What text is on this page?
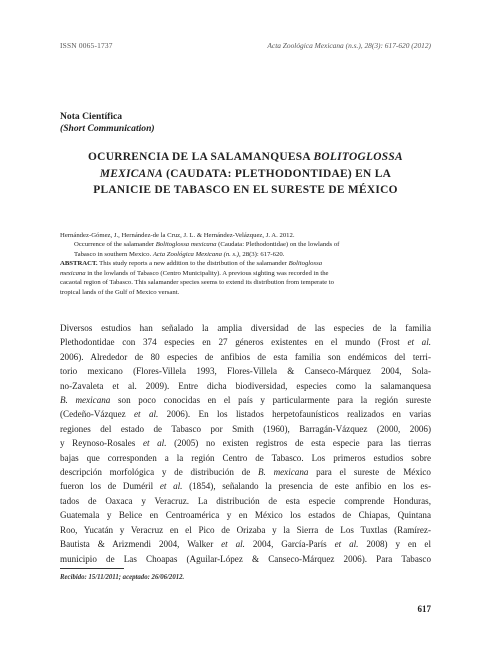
ISSN 0065-1737	Acta Zoológica Mexicana (n.s.), 28(3): 617-620 (2012)
Nota Científica
(Short Communication)
OCURRENCIA DE LA SALAMANQUESA BOLITOGLOSSA
MEXICANA (CAUDATA: PLETHODONTIDAE) EN LA
PLANICIE DE TABASCO EN EL SURESTE DE MÉXICO
Hernández-Gómez, J., Hernández-de la Cruz, J. L. & Hernández-Velázquez, J. A. 2012.
Occurrence of the salamander Bolitoglossa mexicana (Caudata: Plethodontidae) on the lowlands of
Tabasco in southern Mexico. Acta Zoológica Mexicana (n. s.), 28(3): 617-620.
ABSTRACT. This study reports a new addition to the distribution of the salamander Bolitoglossa
mexicana in the lowlands of Tabasco (Centro Municipality). A previous sighting was recorded in the
cacaotal region of Tabasco. This salamander species seems to extend its distribution from temperate to
tropical lands of the Gulf of Mexico versant.
Diversos estudios han señalado la amplia diversidad de las especies de la familia
Plethodontidae con 374 especies en 27 géneros existentes en el mundo (Frost et al.
2006). Alrededor de 80 especies de anfibios de esta familia son endémicos del terri-
torio mexicano (Flores-Villela 1993, Flores-Villela & Canseco-Márquez 2004, Sola-
no-Zavaleta et al. 2009). Entre dicha biodiversidad, especies como la salamanquesa
B. mexicana son poco conocidas en el país y particularmente para la región sureste
(Cedeño-Vázquez et al. 2006). En los listados herpetofaunísticos realizados en varias
regiones del estado de Tabasco por Smith (1960), Barragán-Vázquez (2000, 2006)
y Reynoso-Rosales et al. (2005) no existen registros de esta especie para las tierras
bajas que corresponden a la región Centro de Tabasco. Los primeros estudios sobre
descripción morfológica y de distribución de B. mexicana para el sureste de México
fueron los de Duméril et al. (1854), señalando la presencia de este anfibio en los es-
tados de Oaxaca y Veracruz. La distribución de esta especie comprende Honduras,
Guatemala y Belice en Centroamérica y en México los estados de Chiapas, Quintana
Roo, Yucatán y Veracruz en el Pico de Orizaba y la Sierra de Los Tuxtlas (Ramírez-
Bautista & Arizmendi 2004, Walker et al. 2004, García-París et al. 2008) y en el
municipio de Las Choapas (Aguilar-López & Canseco-Márquez 2006). Para Tabasco
Recibido: 15/11/2011; aceptado: 26/06/2012.
617
